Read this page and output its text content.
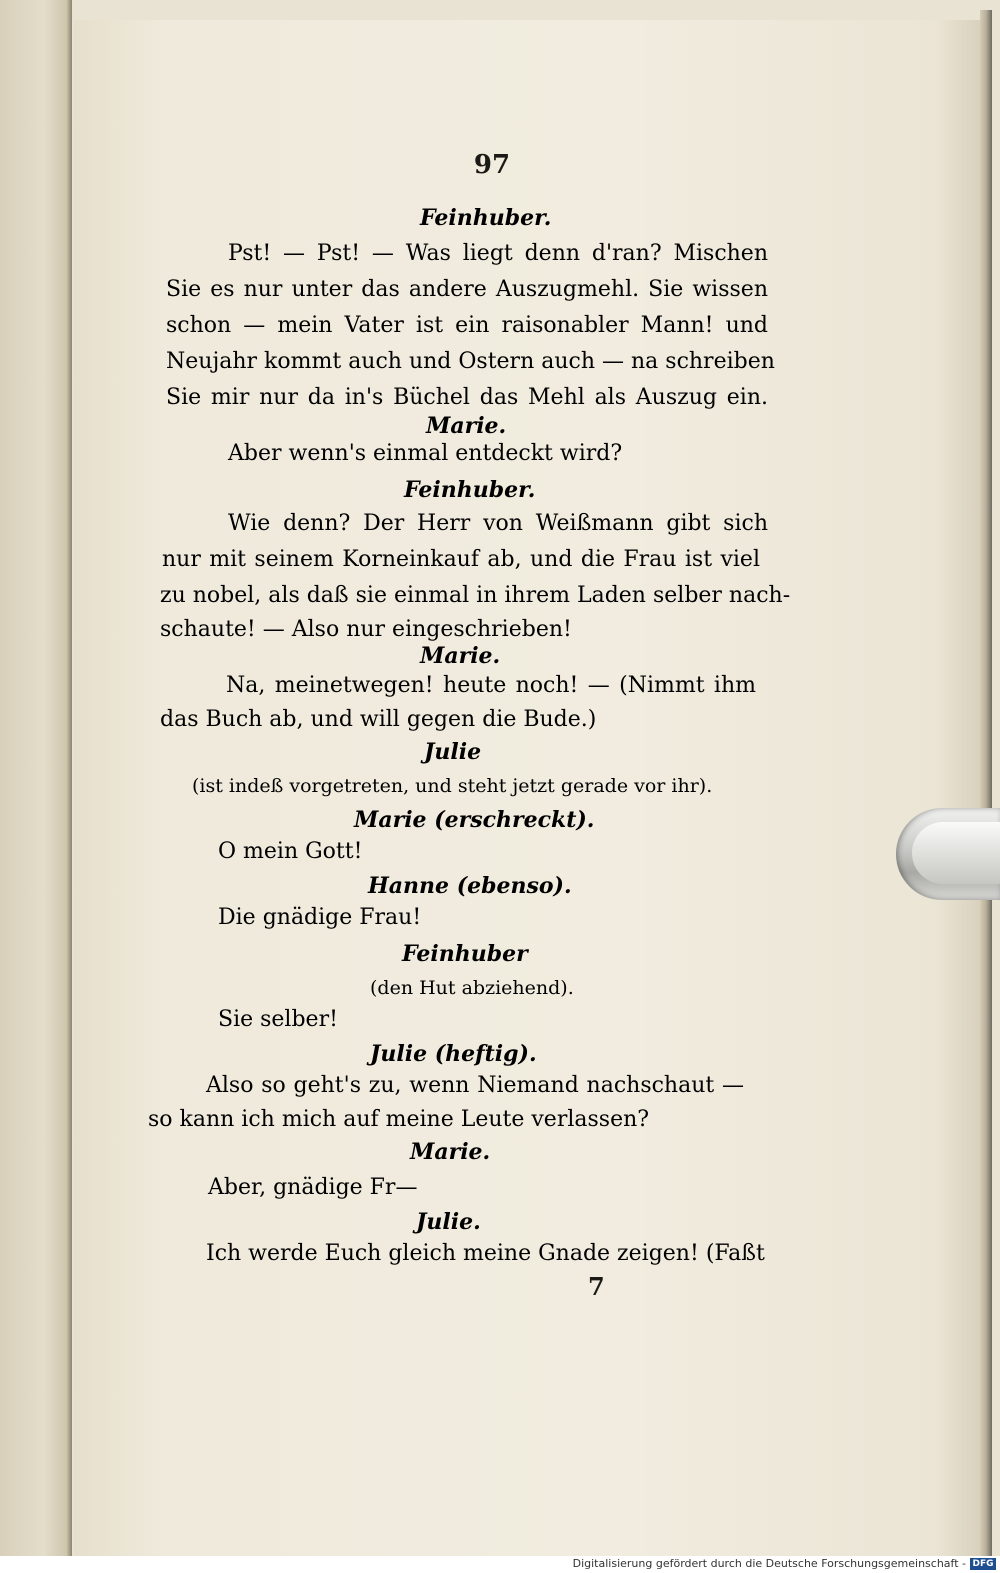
97
Feinhuber.
Pst! — Pst! — Was liegt denn d'ran? Mischen
Sie es nur unter das andere Auszugmehl. Sie wissen
schon — mein Vater ist ein raisonabler Mann! und
Neujahr kommt auch und Ostern auch — na schreiben
Sie mir nur da in's Büchel das Mehl als Auszug ein.
Marie.
Aber wenn's einmal entdeckt wird?
Feinhuber.
Wie denn? Der Herr von Weißmann gibt sich
nur mit seinem Korneinkauf ab, und die Frau ist viel
zu nobel, als daß sie einmal in ihrem Laden selber nach-
schaute! — Also nur eingeschrieben!
Marie.
Na, meinetwegen! heute noch! — (Nimmt ihm
das Buch ab, und will gegen die Bude.)
Julie
(ist indeß vorgetreten, und steht jetzt gerade vor ihr).
Marie (erschreckt).
O mein Gott!
Hanne (ebenso).
Die gnädige Frau!
Feinhuber
(den Hut abziehend).
Sie selber!
Julie (heftig).
Also so geht's zu, wenn Niemand nachschaut —
so kann ich mich auf meine Leute verlassen?
Marie.
Aber, gnädige Fr—
Julie.
Ich werde Euch gleich meine Gnade zeigen! (Faßt
7
Digitalisierung gefördert durch die Deutsche Forschungsgemeinschaft - DFG
